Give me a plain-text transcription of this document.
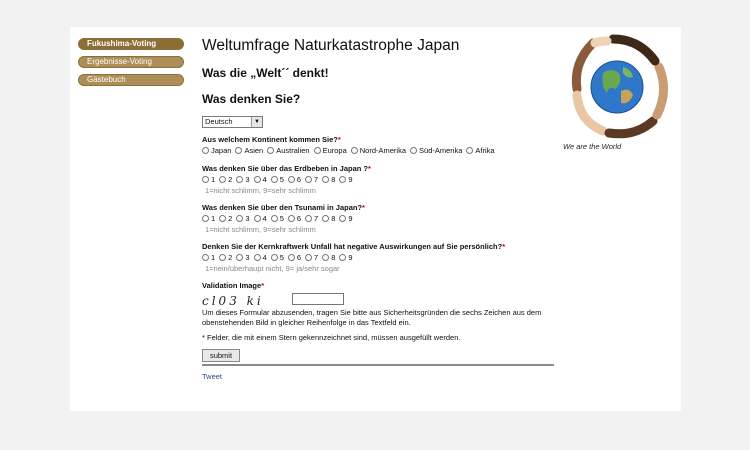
Fukushima-Voting
Ergebnisse-Voting
Gästebuch
Weltumfrage Naturkatastrophe Japan
Was die „Welt´´ denkt!
Was denken Sie?
Deutsch	▼
Aus welchem Kontinent kommen Sie?*
Japan Asien Australien Europa Nord-Amerika Süd-Amerika Afrika
Was denken Sie über das Erdbeben in Japan ?*
1 2 3 4 5 6 7 8 9
1=nicht schlimm, 9=sehr schlimm
Was denken Sie über den Tsunami in Japan?*
1 2 3 4 5 6 7 8 9
1=nicht schlimm, 9=sehr schlimm
Denken Sie der Kernkraftwerk Unfall hat negative Auswirkungen auf Sie persönlich?*
1 2 3 4 5 6 7 8 9
1=nein/überhaupt nicht, 9= ja/sehr sogar
Validation Image*
cl03 ki
Um dieses Formular abzusenden, tragen Sie bitte aus Sicherheitsgründen die sechs Zeichen aus dem obenstehenden Bild in gleicher Reihenfolge in das Textfeld ein.
* Felder, die mit einem Stern gekennzeichnet sind, müssen ausgefüllt werden.
submit
Tweet
We are the World
